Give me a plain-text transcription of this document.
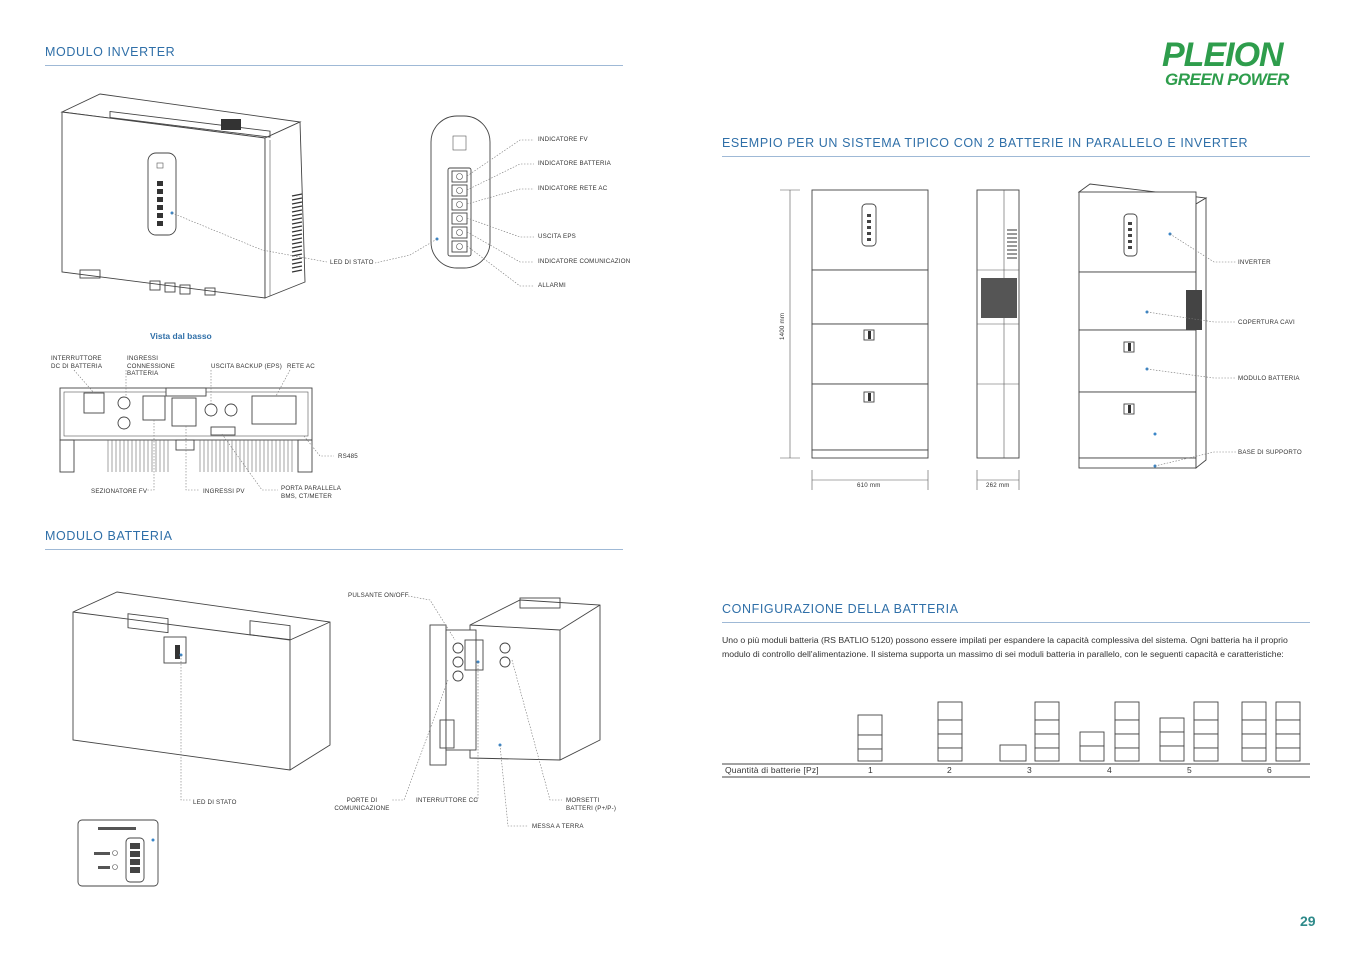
PLEION
GREEN POWER
MODULO INVERTER
MODULO BATTERIA
ESEMPIO PER UN SISTEMA TIPICO CON 2 BATTERIE IN PARALLELO E INVERTER
CONFIGURAZIONE DELLA BATTERIA
LED DI STATO
INDICATORE FV
INDICATORE BATTERIA
INDICATORE RETE AC
USCITA EPS
INDICATORE COMUNICAZION
ALLARMI
Vista dal basso
INTERRUTTORE DC DI BATTERIA
INGRESSI CONNESSIONE BATTERIA
USCITA BACKUP (EPS) RETE AC
RS485
SEZIONATORE FV	INGRESSI PV	PORTA PARALLELA BMS, CT/METER
PULSANTE ON/OFF
LED DI STATO	PORTE DI COMUNICAZIONE
INTERRUTTORE CC	MORSETTI BATTERI (P+/P-)
MESSA A TERRA
1400 mm
610 mm	262 mm
INVERTER
COPERTURA CAVI
MODULO BATTERIA
BASE DI SUPPORTO
Uno o più moduli batteria (RS BATLIO 5120) possono essere impilati per espandere la capacità complessiva del sistema. Ogni batteria ha il proprio modulo di controllo dell'alimentazione. Il sistema supporta un massimo di sei moduli batteria in parallelo, con le seguenti capacità e caratteristiche:
Quantità di batterie [Pz]	1	2	3	4	5	6
29
